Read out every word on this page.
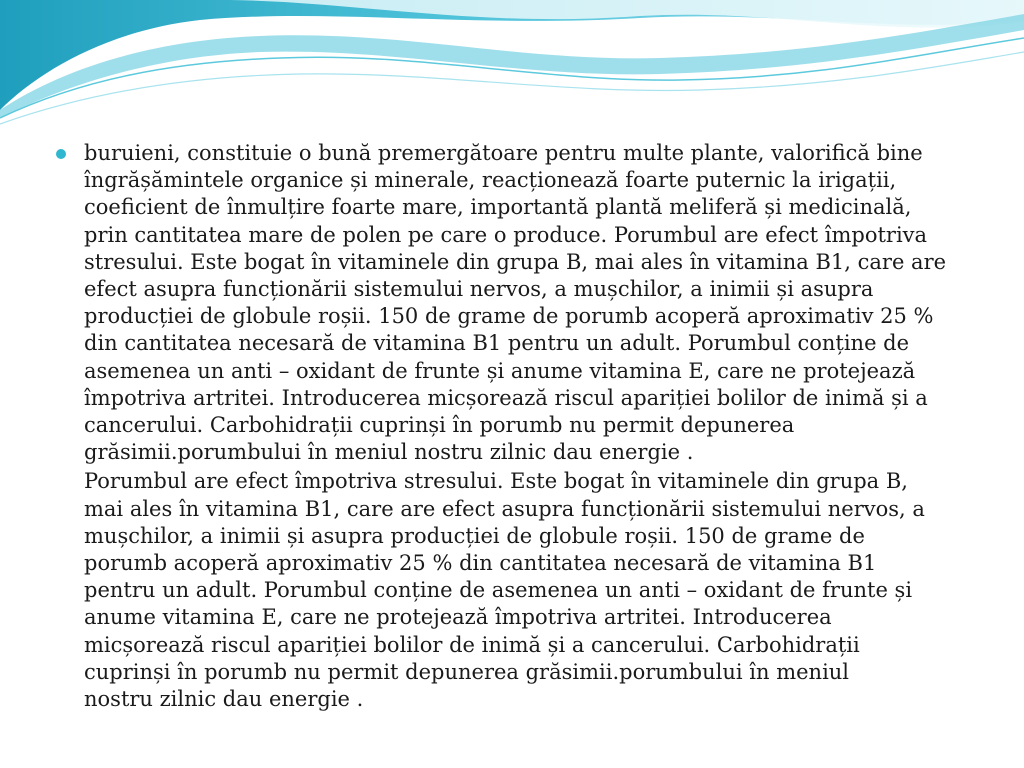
buruieni, constituie o bună premergătoare pentru multe plante, valorifică bine
îngrășămintele organice și minerale, reacționează foarte puternic la irigații,
coeficient de înmulțire foarte mare, importantă plantă meliferă și medicinală,
prin cantitatea mare de polen pe care o produce. Porumbul are efect împotriva
stresului. Este bogat în vitaminele din grupa B, mai ales în vitamina B1, care are
efect asupra funcționării sistemului nervos, a mușchilor, a inimii și asupra
producției de globule roșii. 150 de grame de porumb acoperă aproximativ 25 %
din cantitatea necesară de vitamina B1 pentru un adult. Porumbul conține de
asemenea un anti – oxidant de frunte și anume vitamina E, care ne protejează
împotriva artritei. Introducerea micșorează riscul apariției bolilor de inimă și a
cancerului. Carbohidrații cuprinși în porumb nu permit depunerea
grăsimii.porumbului în meniul nostru zilnic dau energie .

Porumbul are efect împotriva stresului. Este bogat în vitaminele din grupa B,
mai ales în vitamina B1, care are efect asupra funcționării sistemului nervos, a
mușchilor, a inimii și asupra producției de globule roșii. 150 de grame de
porumb acoperă aproximativ 25 % din cantitatea necesară de vitamina B1
pentru un adult. Porumbul conține de asemenea un anti – oxidant de frunte și
anume vitamina E, care ne protejează împotriva artritei. Introducerea
micșorează riscul apariției bolilor de inimă și a cancerului. Carbohidrații
cuprinși în porumb nu permit depunerea grăsimii.porumbului în meniul
nostru zilnic dau energie .
